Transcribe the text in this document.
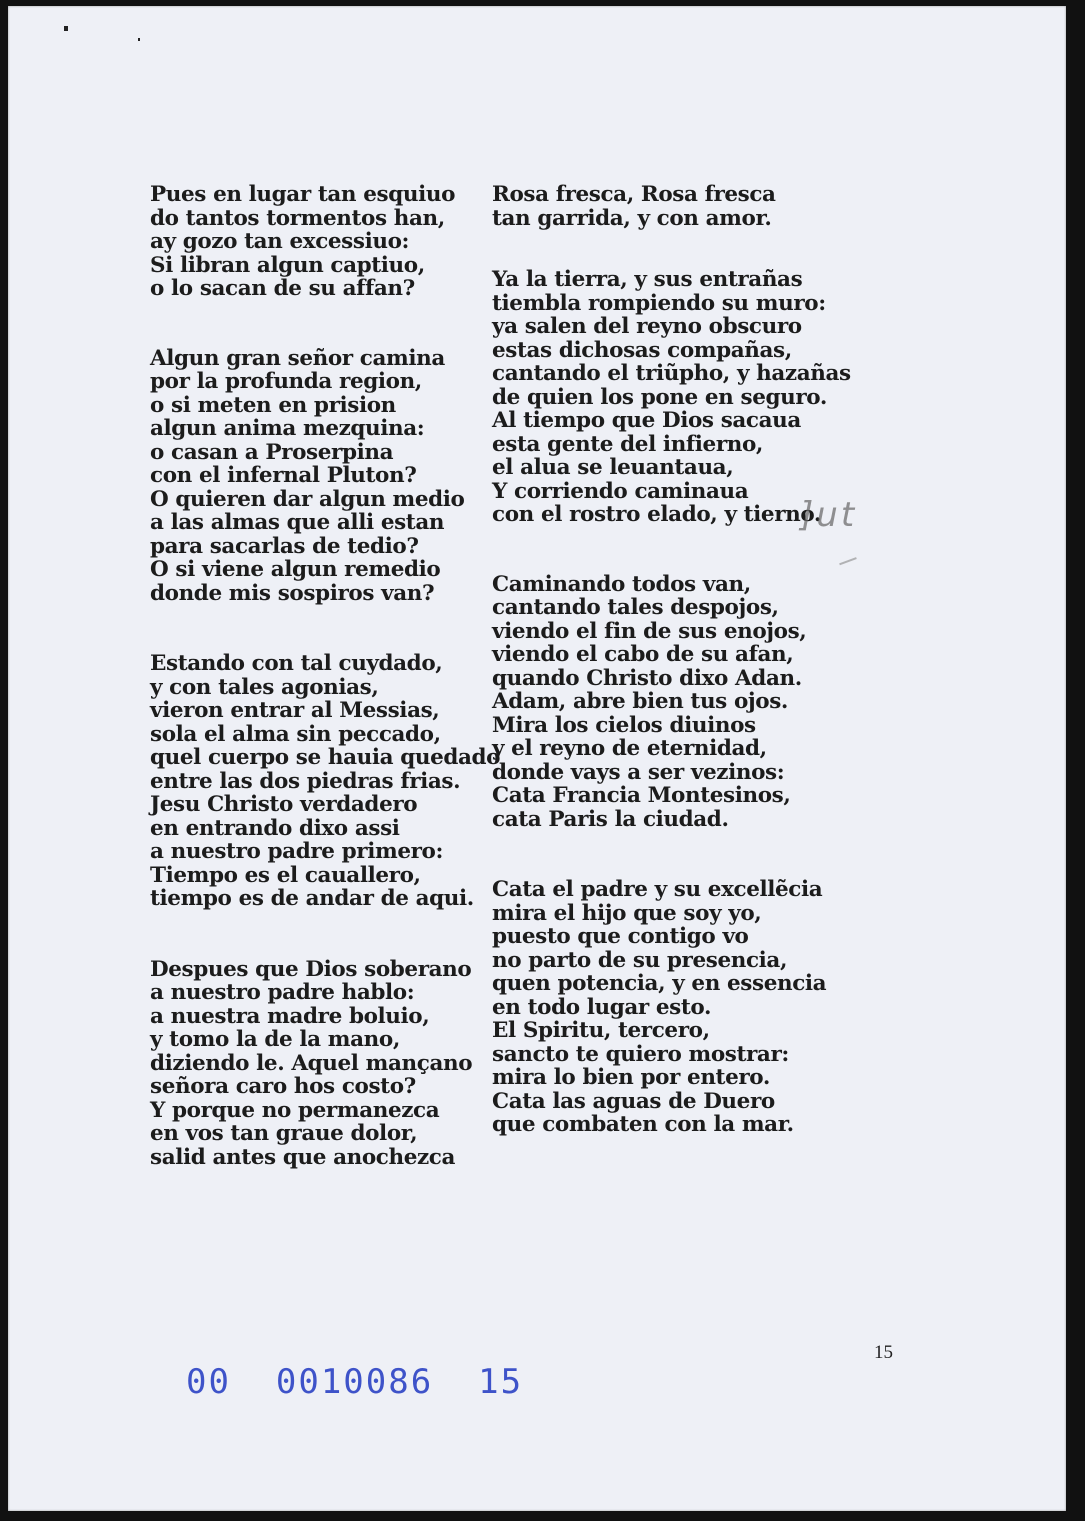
Pues en lugar tan esquiuo
do tantos tormentos han,
ay gozo tan excessiuo:
Si libran algun captiuo,
o lo sacan de su affan?
Algun gran señor camina
por la profunda region,
o si meten en prision
algun anima mezquina:
o casan a Proserpina
con el infernal Pluton?
O quieren dar algun medio
a las almas que alli estan
para sacarlas de tedio?
O si viene algun remedio
donde mis sospiros van?
Estando con tal cuydado,
y con tales agonias,
vieron entrar al Messias,
sola el alma sin peccado,
quel cuerpo se hauia quedado
entre las dos piedras frias.
Jesu Christo verdadero
en entrando dixo assi
a nuestro padre primero:
Tiempo es el cauallero,
tiempo es de andar de aqui.
Despues que Dios soberano
a nuestro padre hablo:
a nuestra madre boluio,
y tomo la de la mano,
diziendo le. Aquel mançano
señora caro hos costo?
Y porque no permanezca
en vos tan graue dolor,
salid antes que anochezca
Rosa fresca, Rosa fresca
tan garrida, y con amor.
Ya la tierra, y sus entrañas
tiembla rompiendo su muro:
ya salen del reyno obscuro
estas dichosas compañas,
cantando el triũpho, y hazañas
de quien los pone en seguro.
Al tiempo que Dios sacaua
esta gente del infierno,
el alua se leuantaua,
Y corriendo caminaua
con el rostro elado, y tierno.
Caminando todos van,
cantando tales despojos,
viendo el fin de sus enojos,
viendo el cabo de su afan,
quando Christo dixo Adan.
Adam, abre bien tus ojos.
Mira los cielos diuinos
y el reyno de eternidad,
donde vays a ser vezinos:
Cata Francia Montesinos,
cata Paris la ciudad.
Cata el padre y su excellẽcia
mira el hijo que soy yo,
puesto que contigo vo
no parto de su presencia,
quen potencia, y en essencia
en todo lugar esto.
El Spiritu, tercero,
sancto te quiero mostrar:
mira lo bien por entero.
Cata las aguas de Duero
que combaten con la mar.
]ut
15
00  0010086  15
